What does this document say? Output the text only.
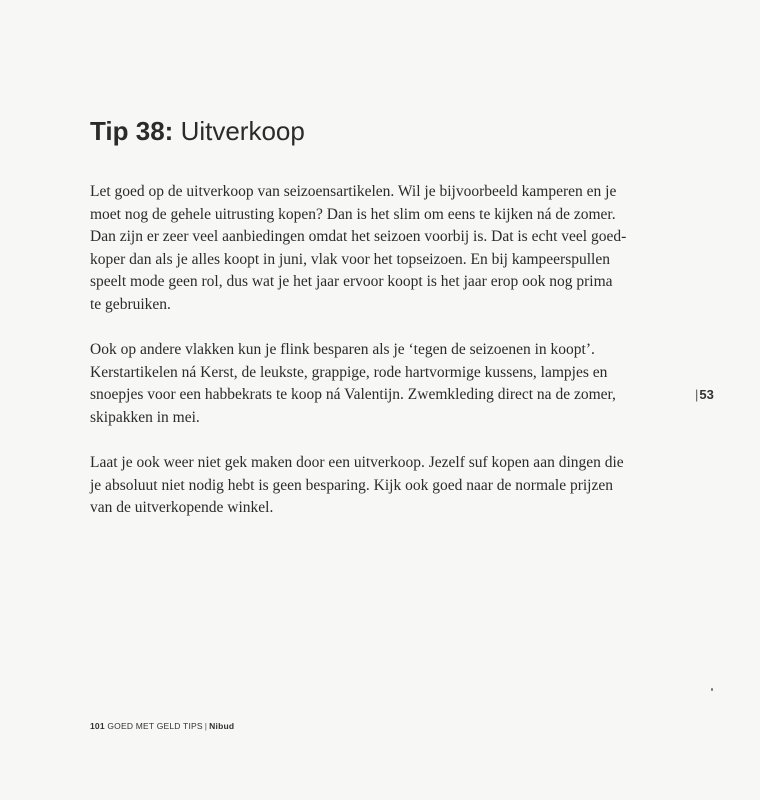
Tip 38: Uitverkoop

Let goed op de uitverkoop van seizoensartikelen. Wil je bijvoorbeeld kamperen en je
moet nog de gehele uitrusting kopen? Dan is het slim om eens te kijken ná de zomer.
Dan zijn er zeer veel aanbiedingen omdat het seizoen voorbij is. Dat is echt veel goed-
koper dan als je alles koopt in juni, vlak voor het topseizoen. En bij kampeerspullen
speelt mode geen rol, dus wat je het jaar ervoor koopt is het jaar erop ook nog prima
te gebruiken.

Ook op andere vlakken kun je flink besparen als je ‘tegen de seizoenen in koopt’.
Kerstartikelen ná Kerst, de leukste, grappige, rode hartvormige kussens, lampjes en
snoepjes voor een habbekrats te koop ná Valentijn. Zwemkleding direct na de zomer,
skipakken in mei.

Laat je ook weer niet gek maken door een uitverkoop. Jezelf suf kopen aan dingen die
je absoluut niet nodig hebt is geen besparing. Kijk ook goed naar de normale prijzen
van de uitverkopende winkel.

|53
101 GOED MET GELD TIPS | Nibud
